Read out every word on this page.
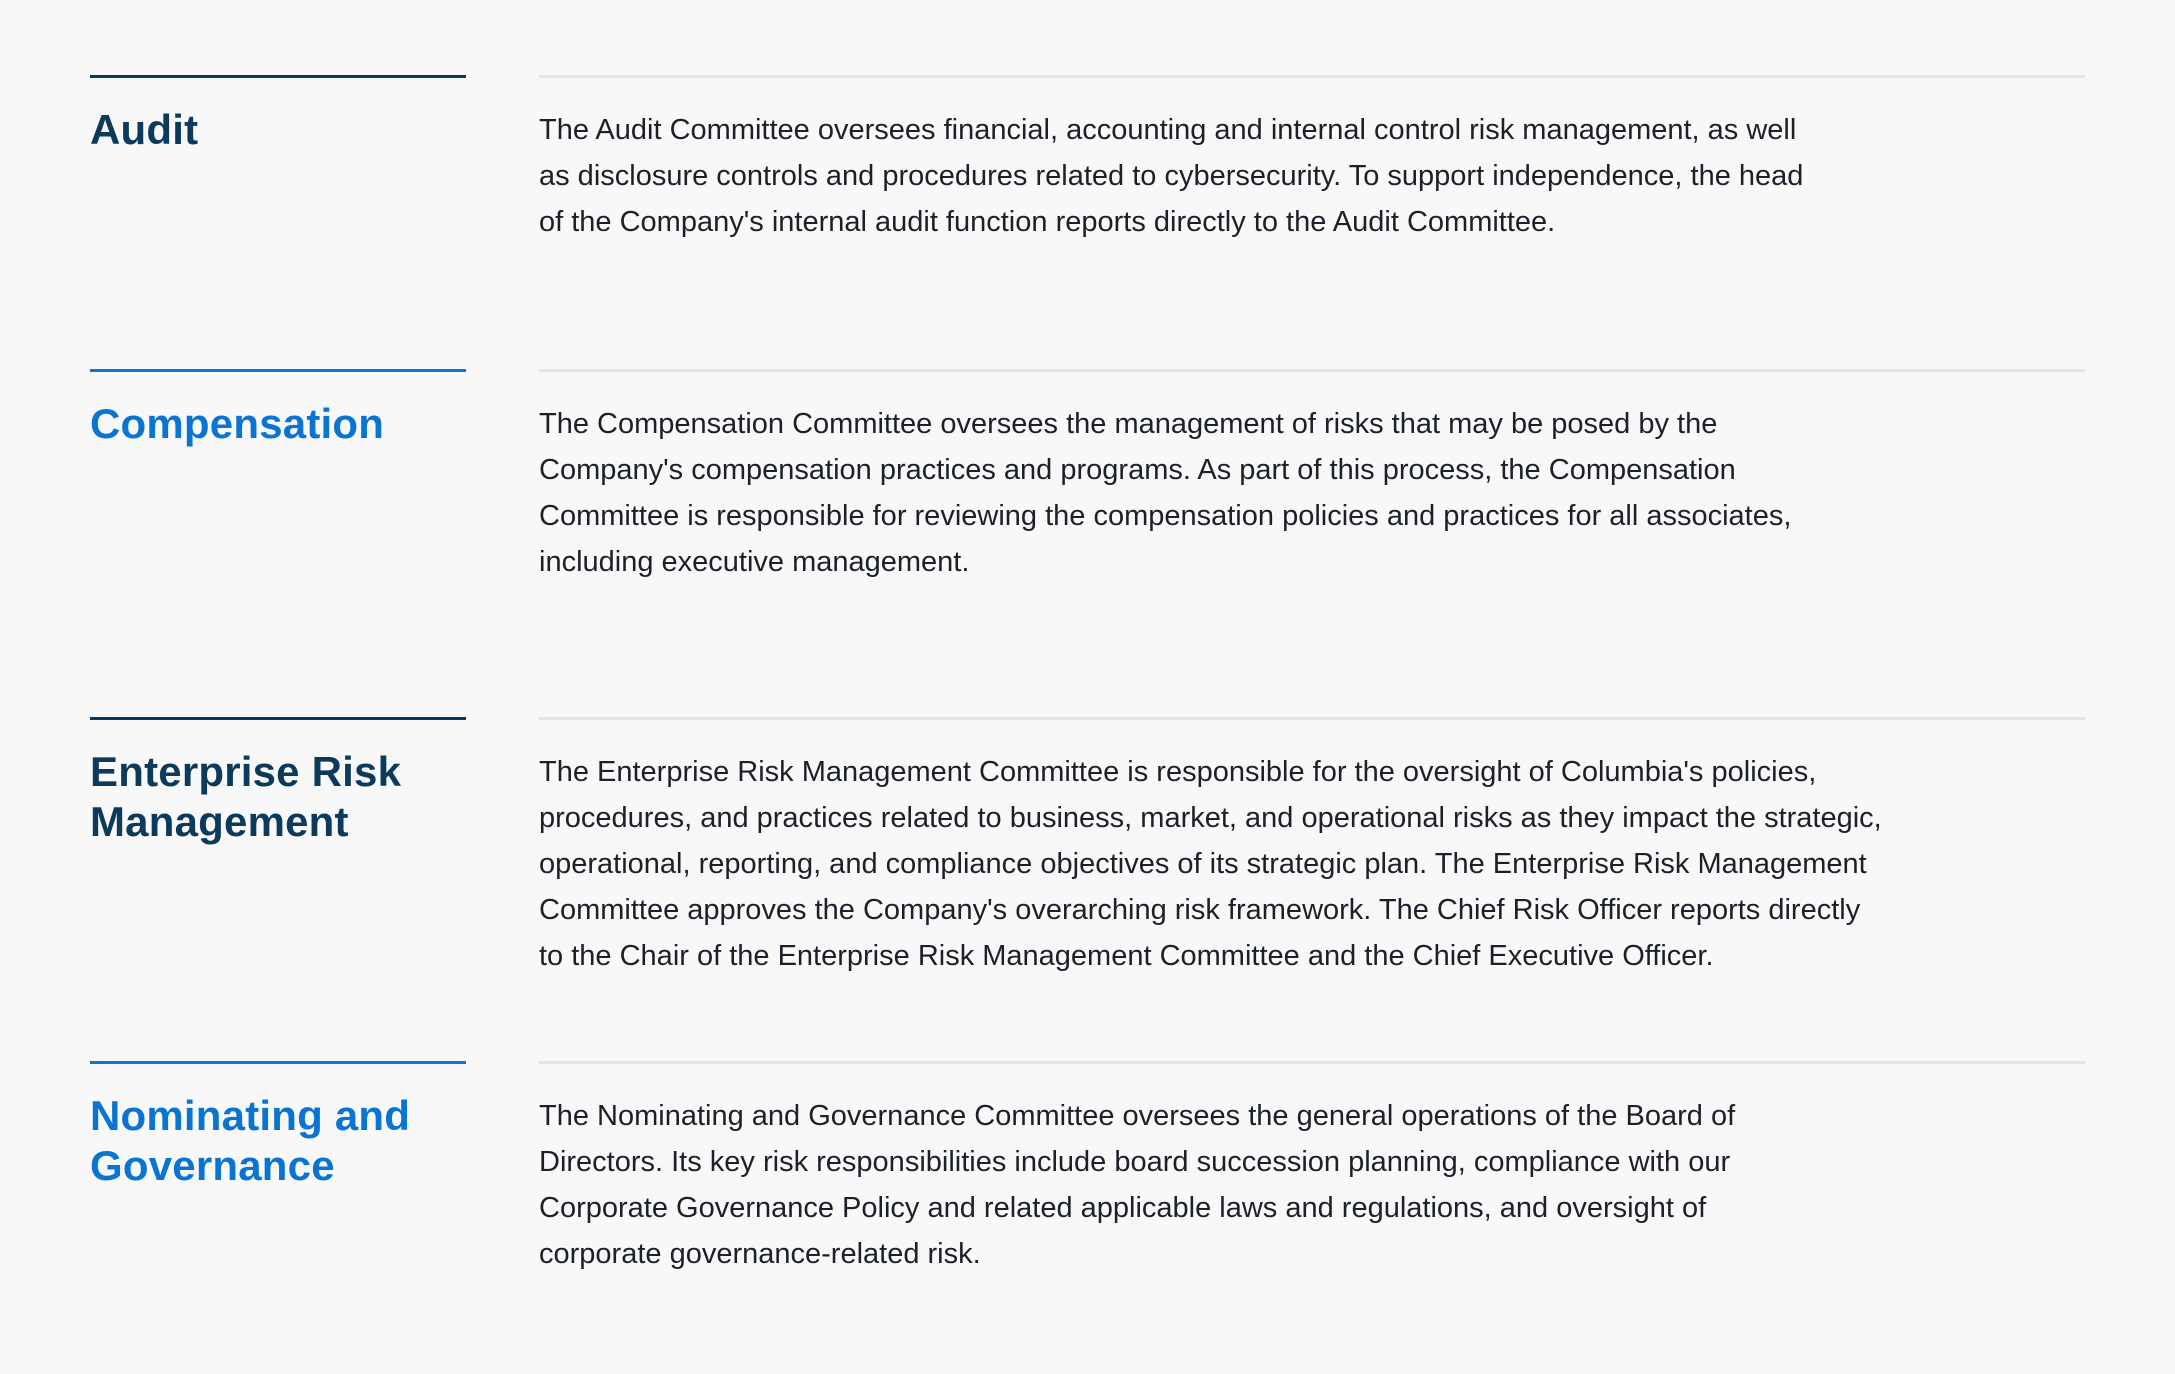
Audit	The Audit Committee oversees financial, accounting and internal control risk management, as well
as disclosure controls and procedures related to cybersecurity. To support independence, the head
of the Company's internal audit function reports directly to the Audit Committee.

Compensation	The Compensation Committee oversees the management of risks that may be posed by the
Company's compensation practices and programs. As part of this process, the Compensation
Committee is responsible for reviewing the compensation policies and practices for all associates,
including executive management.

Enterprise Risk
Management

The Enterprise Risk Management Committee is responsible for the oversight of Columbia's policies,
procedures, and practices related to business, market, and operational risks as they impact the strategic,
operational, reporting, and compliance objectives of its strategic plan. The Enterprise Risk Management
Committee approves the Company's overarching risk framework. The Chief Risk Officer reports directly
to the Chair of the Enterprise Risk Management Committee and the Chief Executive Officer.

Nominating and
Governance

The Nominating and Governance Committee oversees the general operations of the Board of
Directors. Its key risk responsibilities include board succession planning, compliance with our
Corporate Governance Policy and related applicable laws and regulations, and oversight of
corporate governance-related risk.
